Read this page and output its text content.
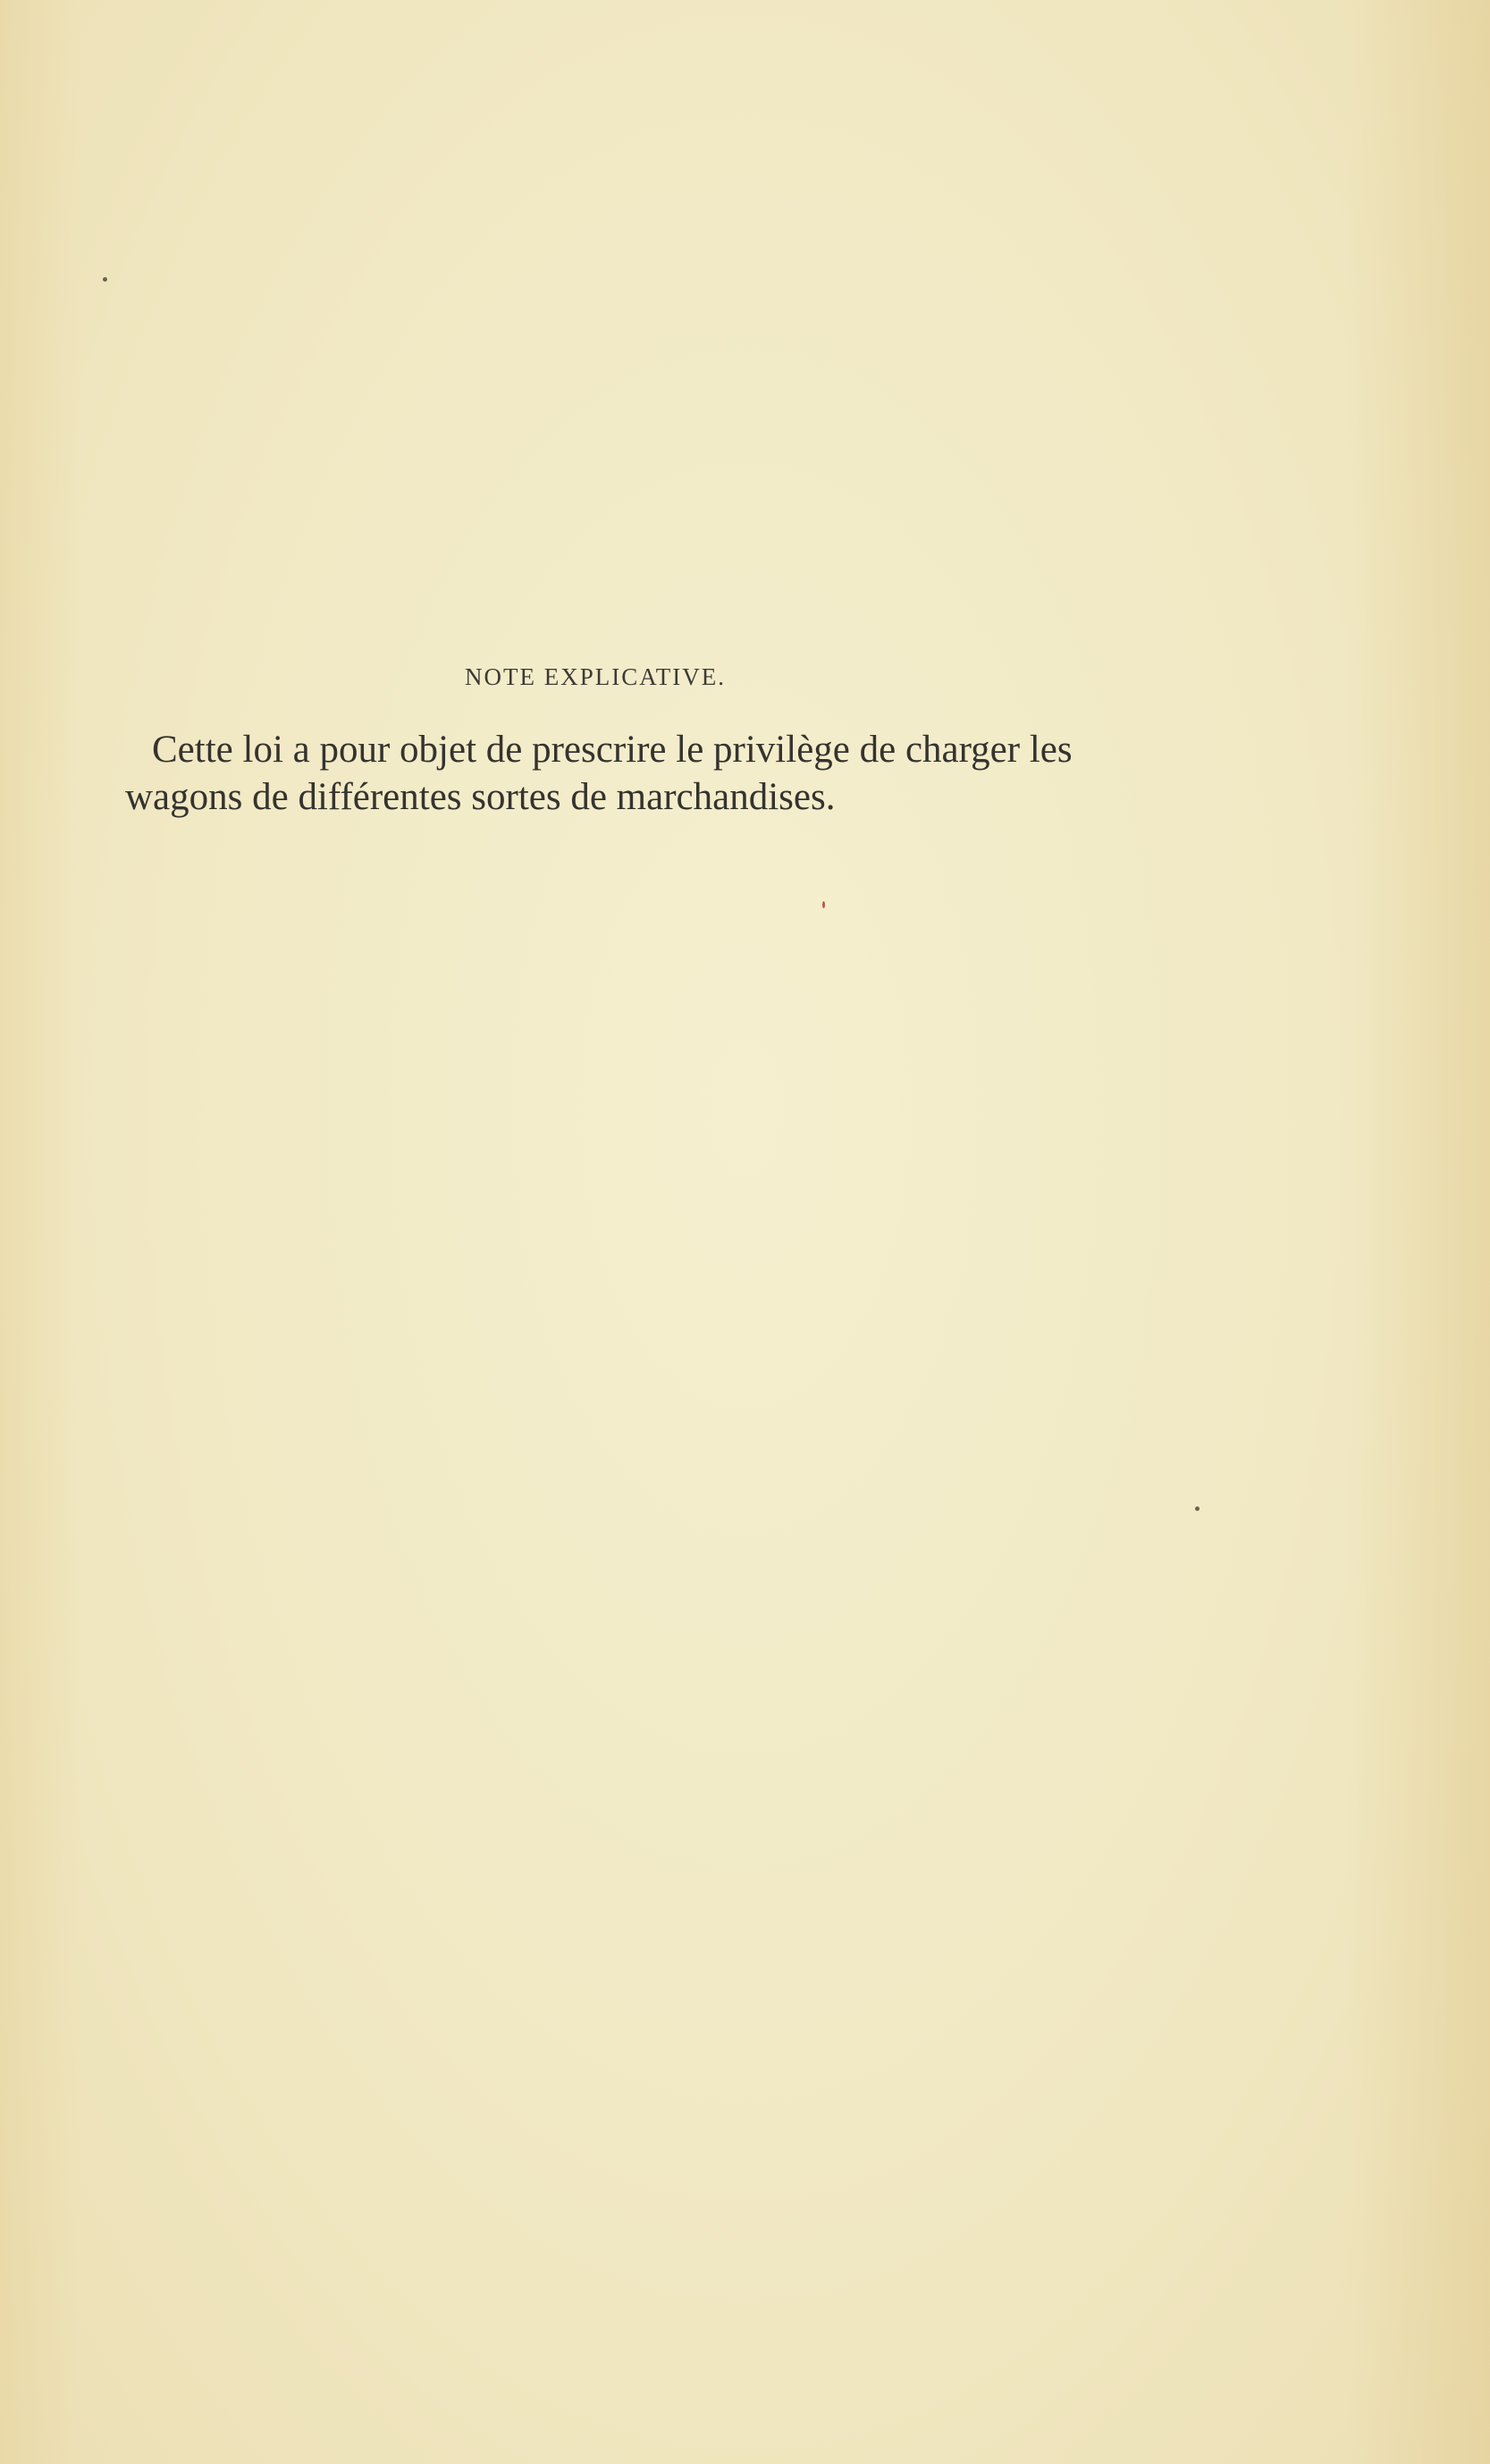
NOTE EXPLICATIVE.

Cette loi a pour objet de prescrire le privilège de charger les wagons de différentes sortes de marchandises.
